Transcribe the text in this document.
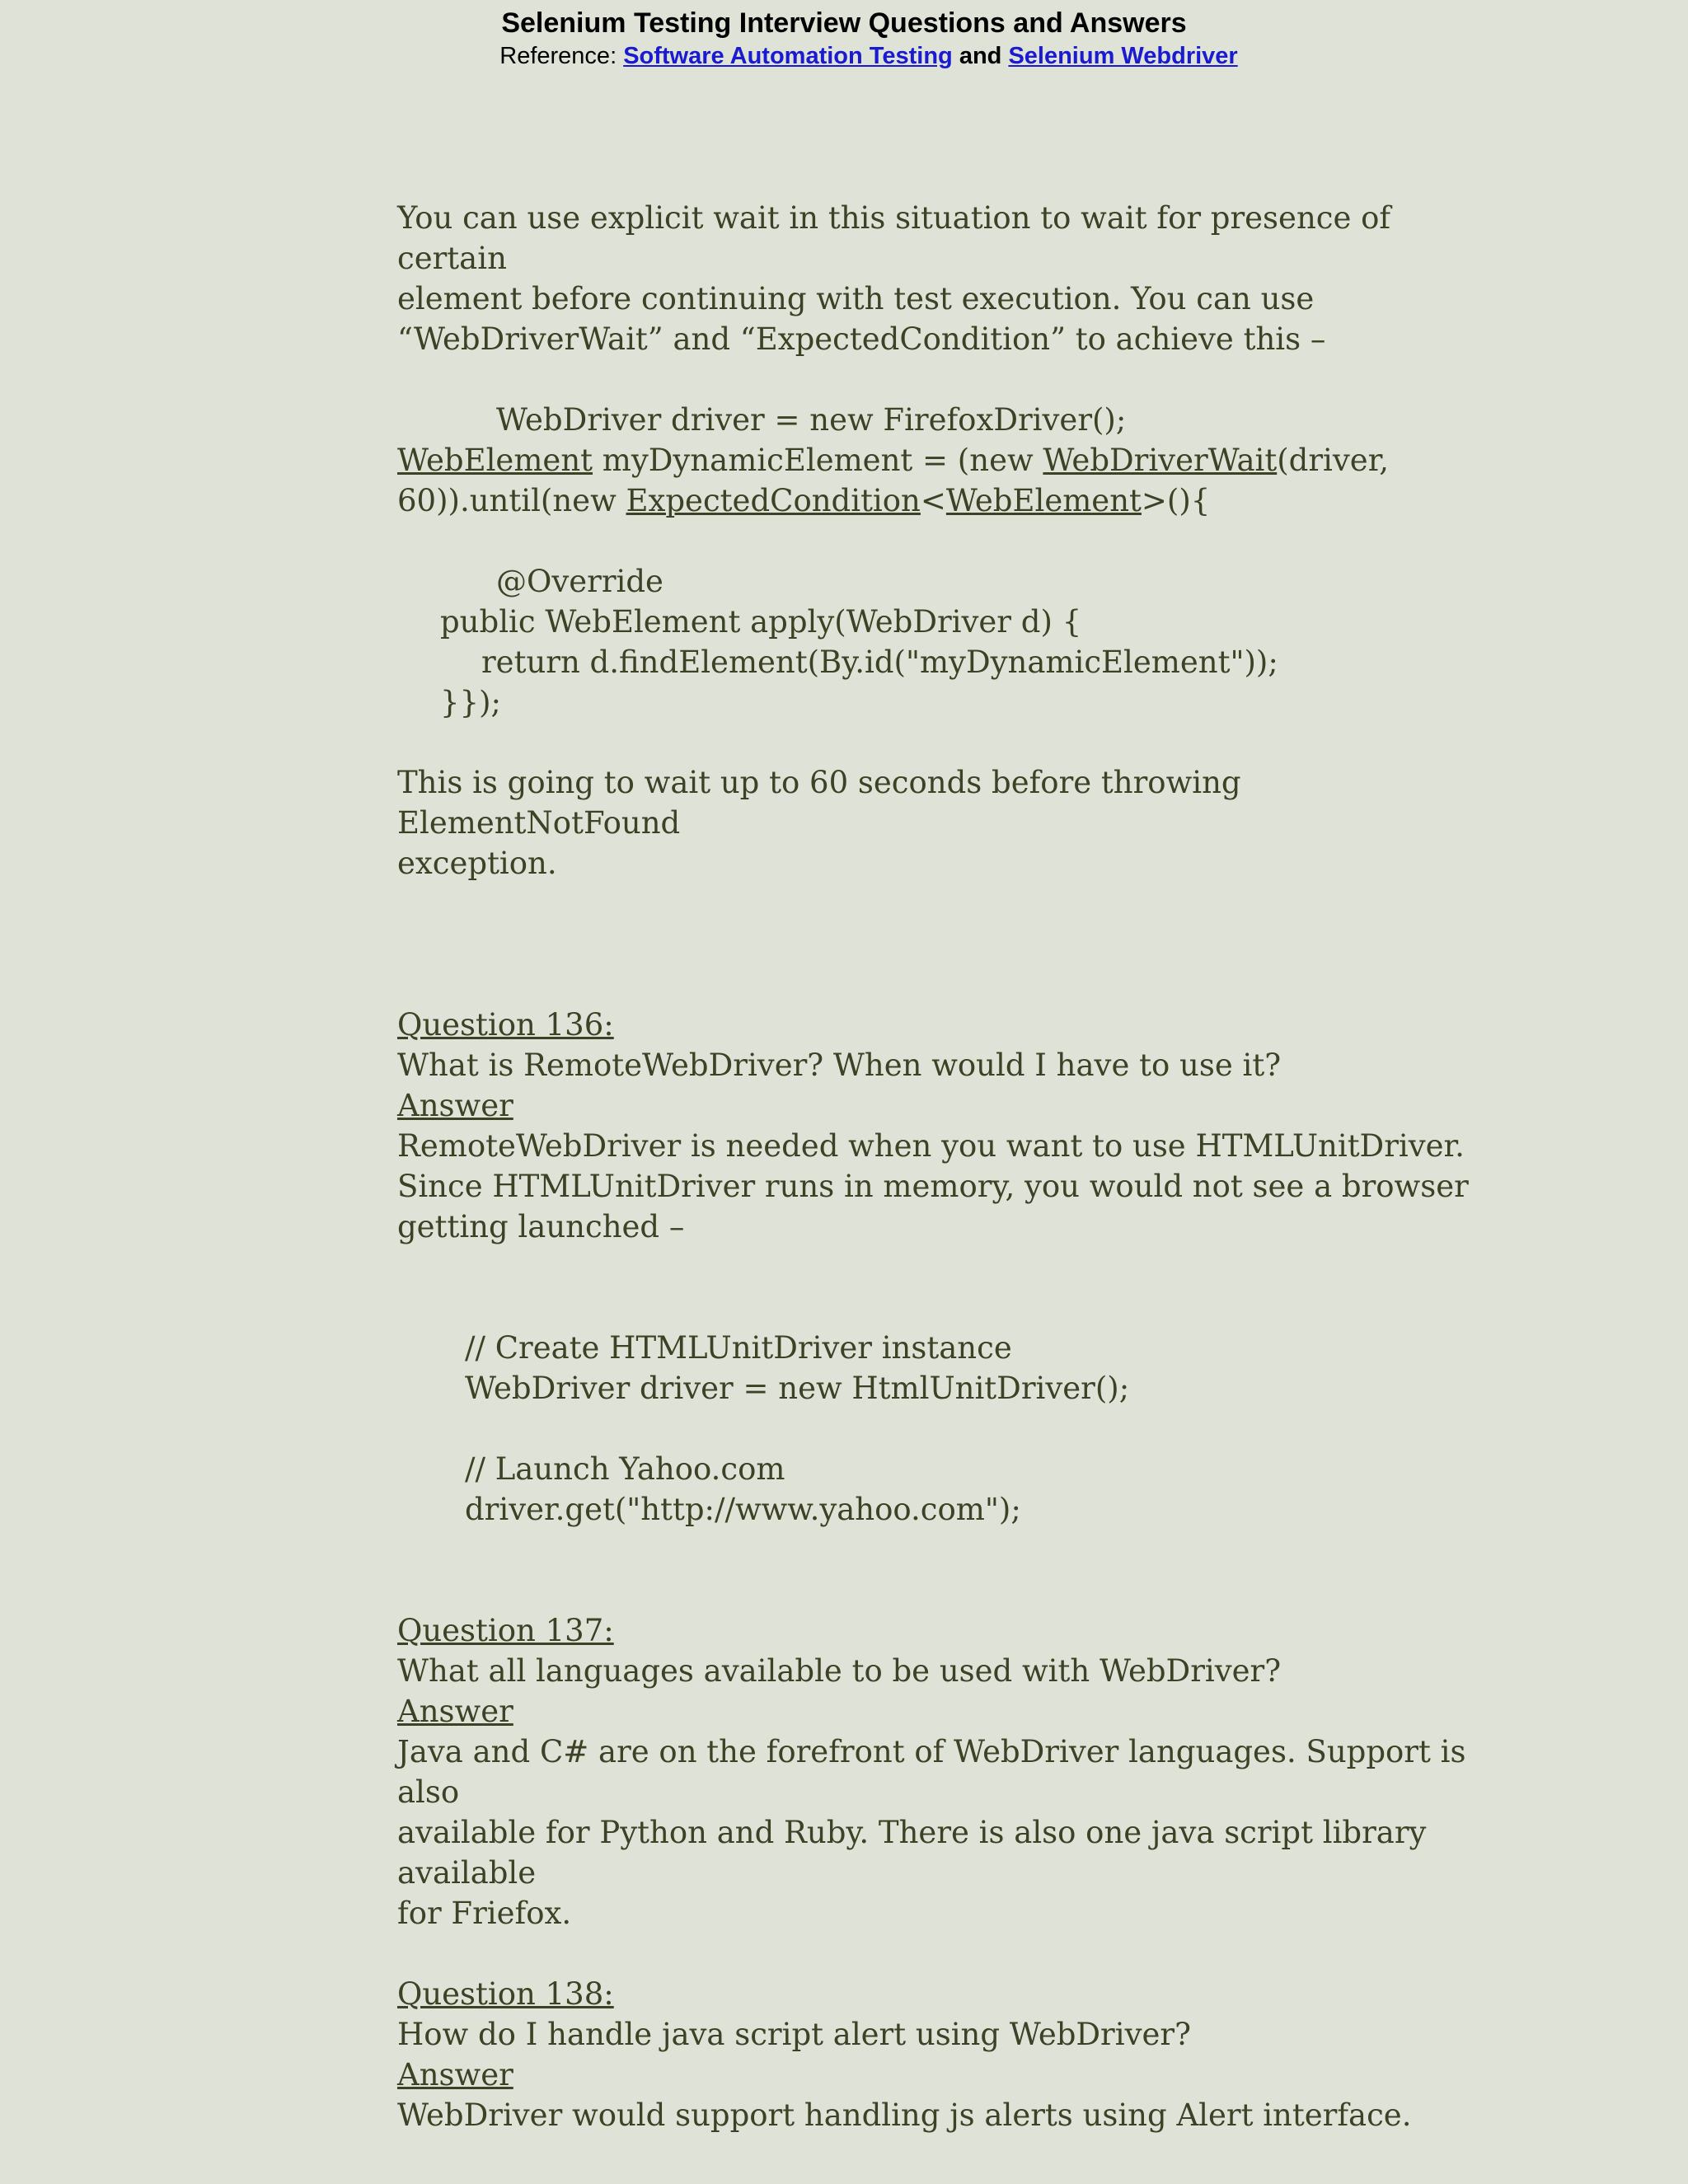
Selenium Testing Interview Questions and Answers
Reference: Software Automation Testing and Selenium Webdriver

You can use explicit wait in this situation to wait for presence of certain

element before continuing with test execution. You can use

“WebDriverWait” and “ExpectedCondition” to achieve this –

WebDriver driver = new FirefoxDriver();

WebElement myDynamicElement = (new WebDriverWait(driver,

60)).until(new ExpectedCondition<WebElement>(){

@Override

public WebElement apply(WebDriver d) {

return d.findElement(By.id("myDynamicElement"));

}});

This is going to wait up to 60 seconds before throwing ElementNotFound

exception.

Question 136:

What is RemoteWebDriver? When would I have to use it?

Answer

RemoteWebDriver is needed when you want to use HTMLUnitDriver.

Since HTMLUnitDriver runs in memory, you would not see a browser

getting launched –

// Create HTMLUnitDriver instance

WebDriver driver = new HtmlUnitDriver();

// Launch Yahoo.com

driver.get("http://www.yahoo.com");

Question 137:

What all languages available to be used with WebDriver?

Answer

Java and C# are on the forefront of WebDriver languages. Support is also

available for Python and Ruby. There is also one java script library available

for Friefox.

Question 138:

How do I handle java script alert using WebDriver?

Answer

WebDriver would support handling js alerts using Alert interface.
